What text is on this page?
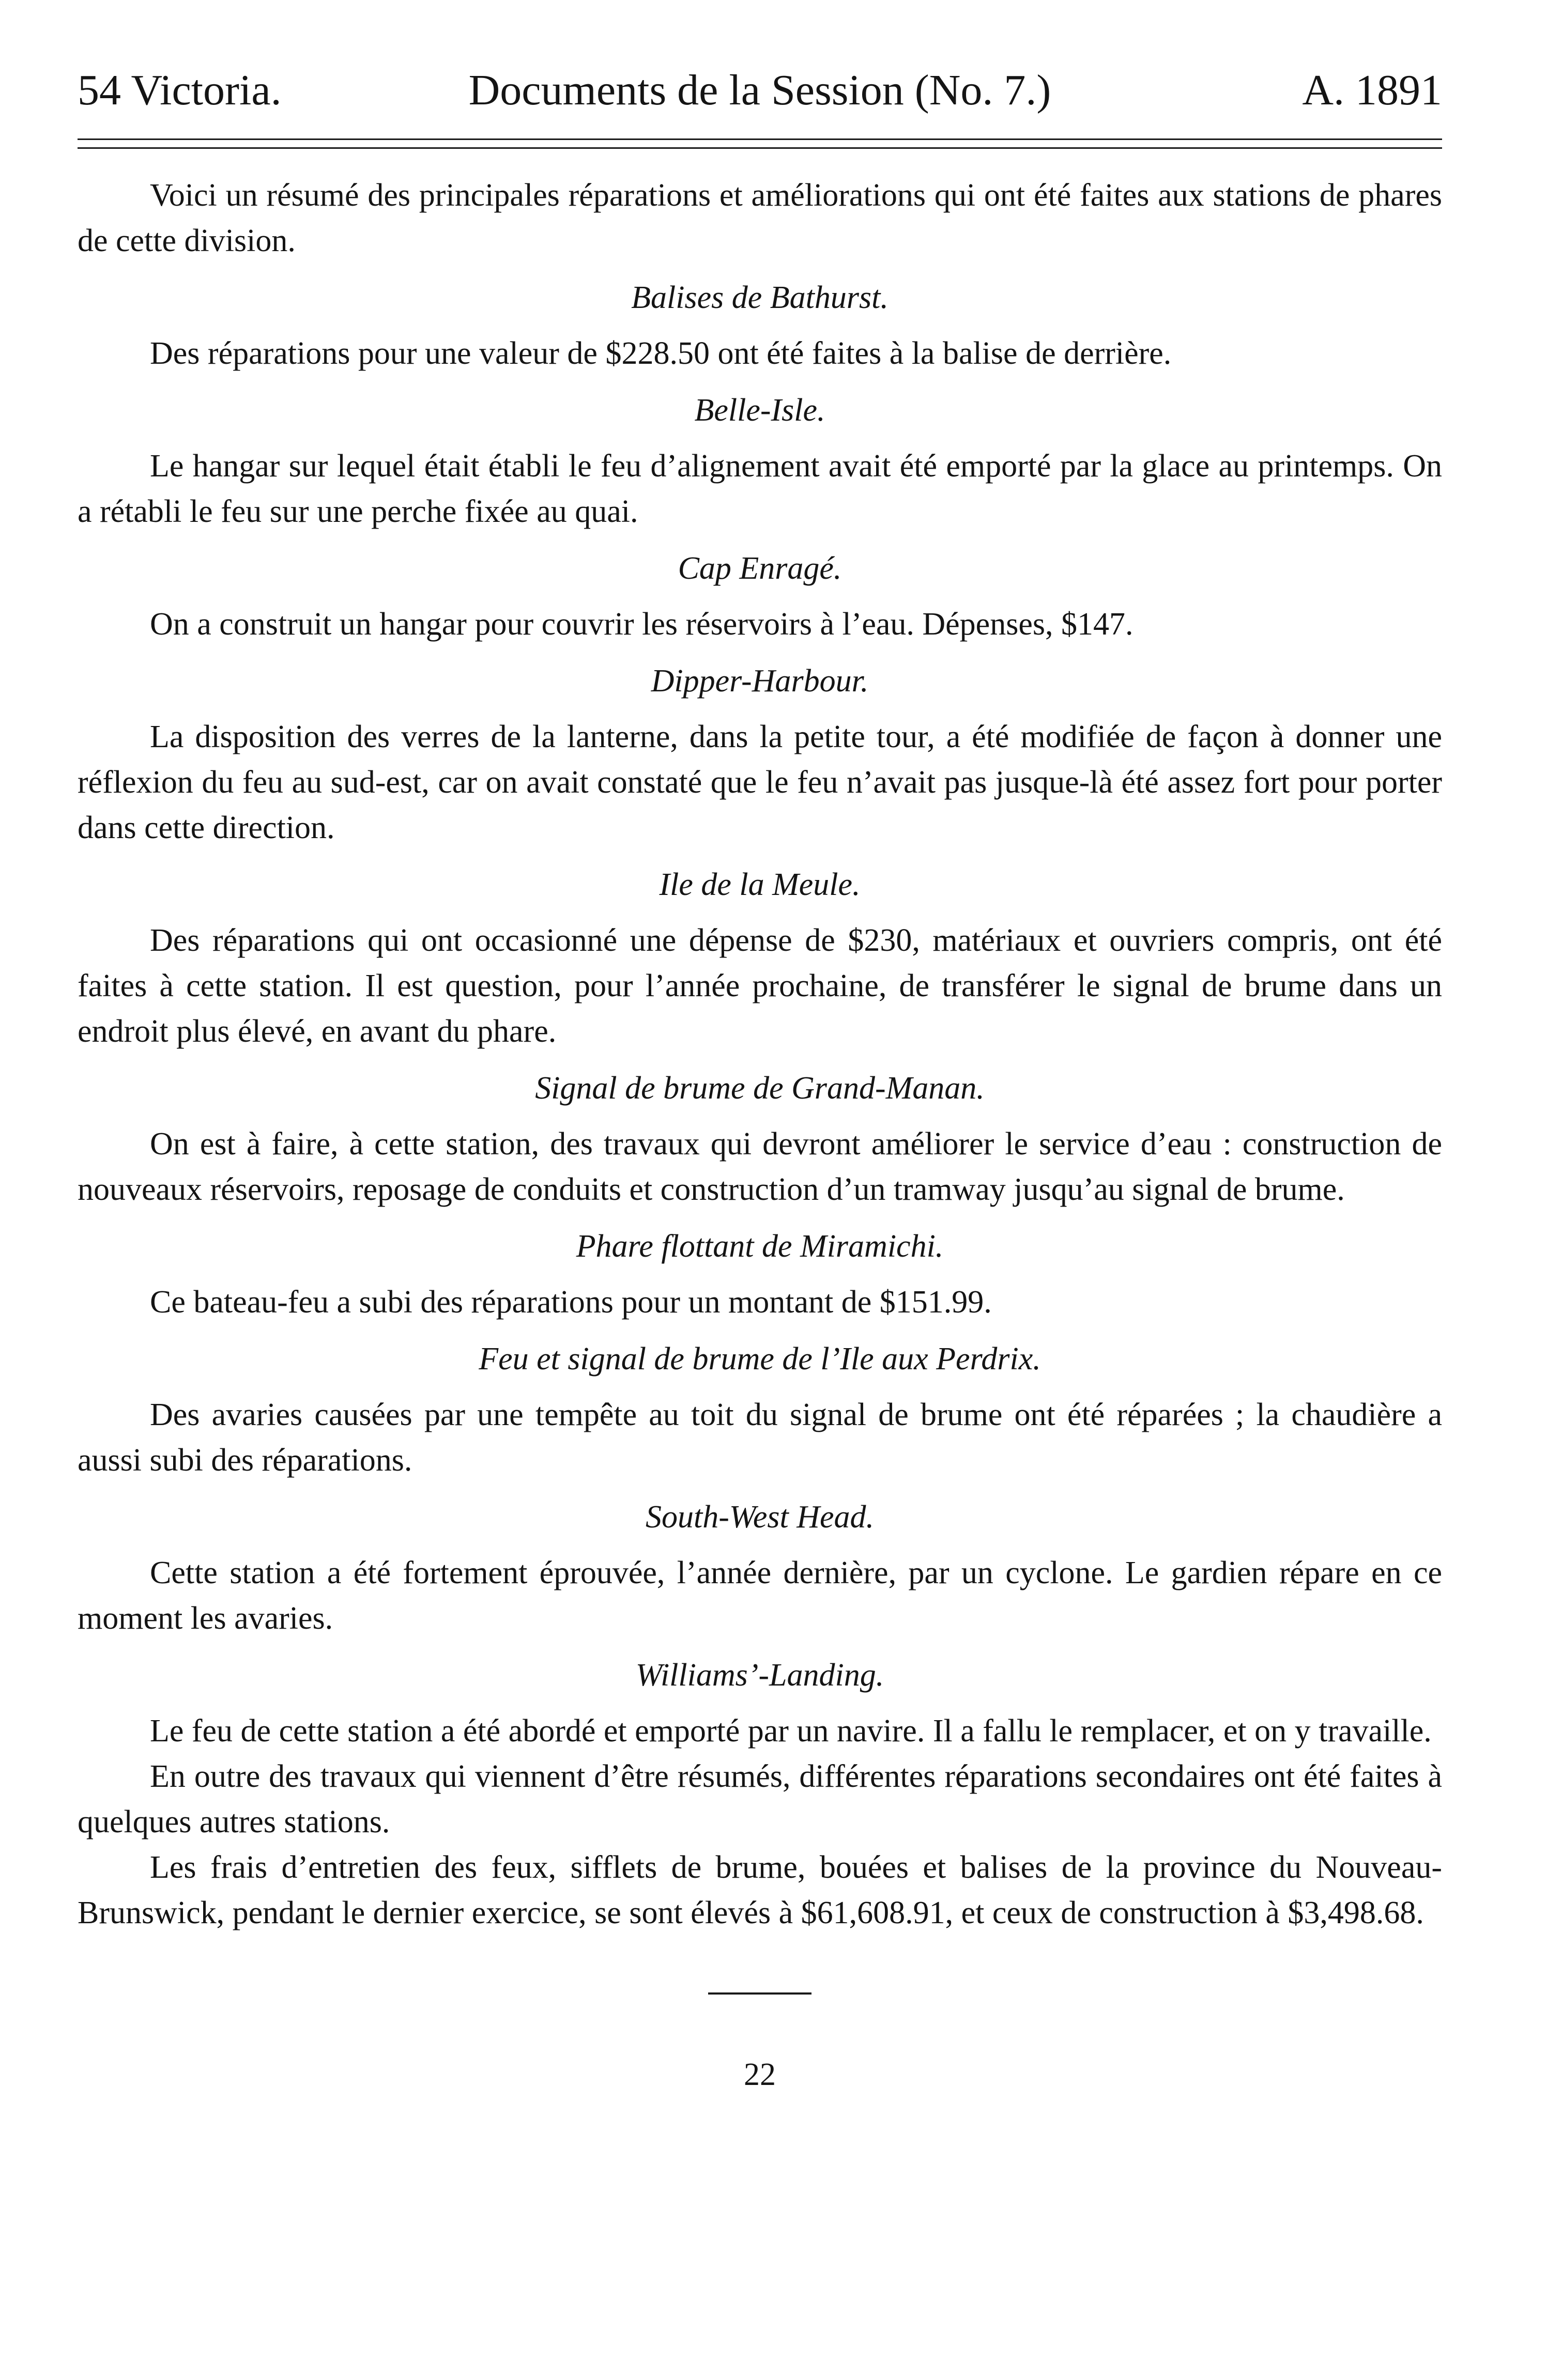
54 Victoria.	Documents de la Session (No. 7.)	A. 1891

Voici un résumé des principales réparations et améliorations qui ont été faites aux stations de phares de cette division.

Balises de Bathurst.

Des réparations pour une valeur de $228.50 ont été faites à la balise de derrière.

Belle-Isle.

Le hangar sur lequel était établi le feu d’alignement avait été emporté par la glace au printemps. On a rétabli le feu sur une perche fixée au quai.

Cap Enragé.

On a construit un hangar pour couvrir les réservoirs à l’eau. Dépenses, $147.

Dipper-Harbour.

La disposition des verres de la lanterne, dans la petite tour, a été modifiée de façon à donner une réflexion du feu au sud-est, car on avait constaté que le feu n’avait pas jusque-là été assez fort pour porter dans cette direction.

Ile de la Meule.

Des réparations qui ont occasionné une dépense de $230, matériaux et ouvriers compris, ont été faites à cette station. Il est question, pour l’année prochaine, de transférer le signal de brume dans un endroit plus élevé, en avant du phare.

Signal de brume de Grand-Manan.

On est à faire, à cette station, des travaux qui devront améliorer le service d’eau : construction de nouveaux réservoirs, reposage de conduits et construction d’un tramway jusqu’au signal de brume.

Phare flottant de Miramichi.

Ce bateau-feu a subi des réparations pour un montant de $151.99.

Feu et signal de brume de l’Ile aux Perdrix.

Des avaries causées par une tempête au toit du signal de brume ont été réparées ; la chaudière a aussi subi des réparations.

South-West Head.

Cette station a été fortement éprouvée, l’année dernière, par un cyclone. Le gardien répare en ce moment les avaries.

Williams’-Landing.

Le feu de cette station a été abordé et emporté par un navire. Il a fallu le remplacer, et on y travaille.

En outre des travaux qui viennent d’être résumés, différentes réparations secondaires ont été faites à quelques autres stations.

Les frais d’entretien des feux, sifflets de brume, bouées et balises de la province du Nouveau-Brunswick, pendant le dernier exercice, se sont élevés à $61,608.91, et ceux de construction à $3,498.68.

22
